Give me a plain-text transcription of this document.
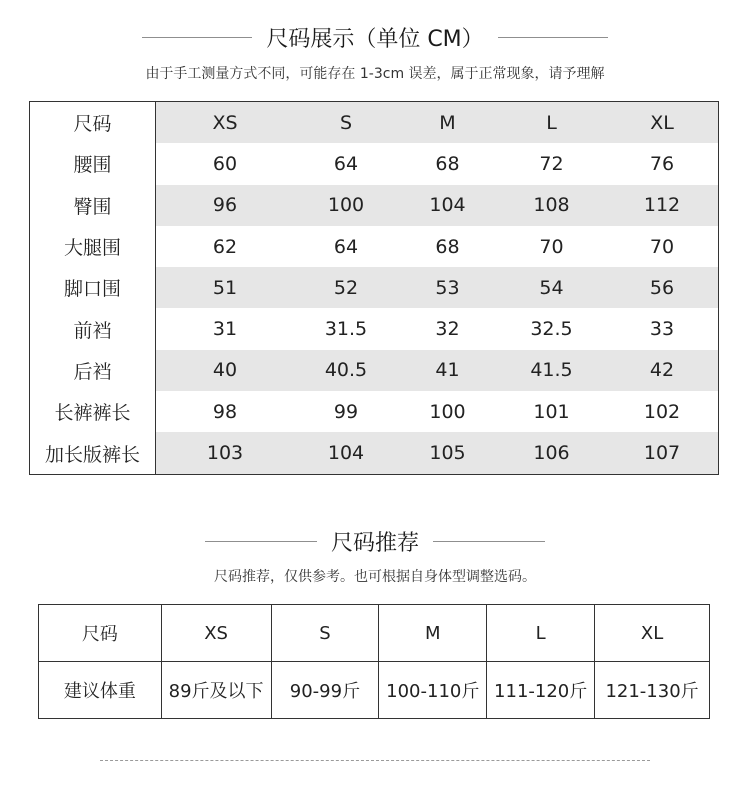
尺码展示（单位 CM）
由于手工测量方式不同，可能存在 1-3cm 误差，属于正常现象，请予理解
尺码	XS	S	M	L	XL
腰围	60	64	68	72	76
臀围	96	100	104	108	112
大腿围	62	64	68	70	70
脚口围	51	52	53	54	56
前裆	31	31.5	32	32.5	33
后裆	40	40.5	41	41.5	42
长裤裤长	98	99	100	101	102
加长版裤长	103	104	105	106	107
尺码推荐
尺码推荐，仅供参考。也可根据自身体型调整选码。
尺码	XS	S	M	L	XL
建议体重	89斤及以下	90-99斤	100-110斤	111-120斤	121-130斤
